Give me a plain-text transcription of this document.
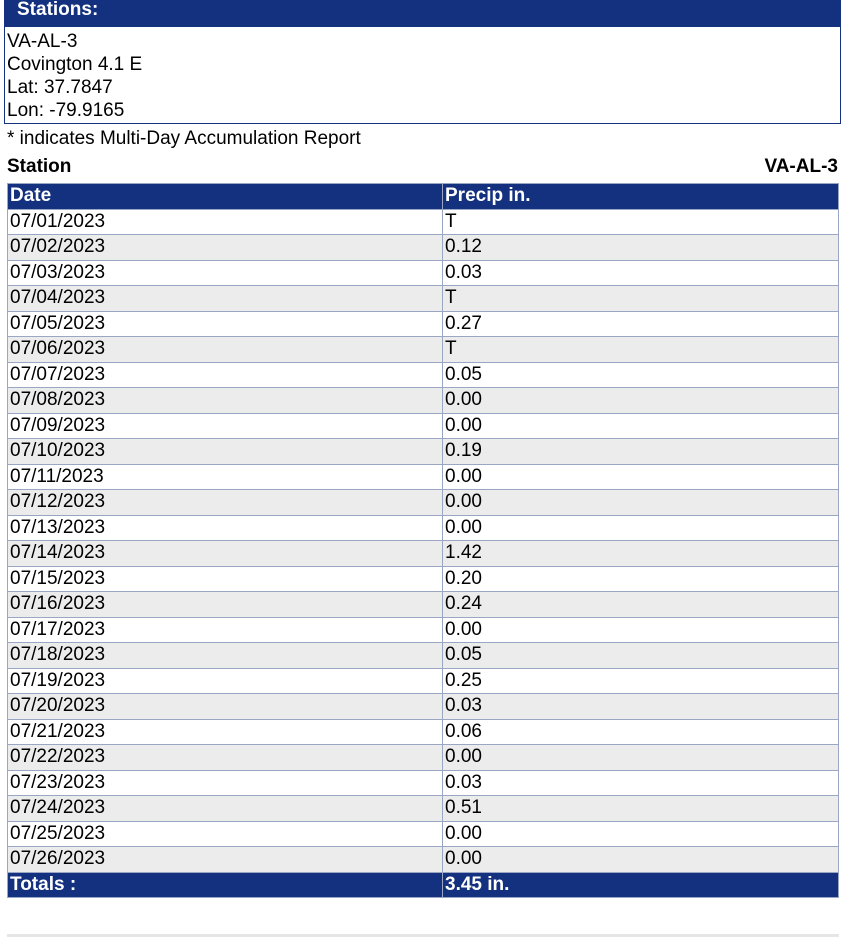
Stations:
VA-AL-3
Covington 4.1 E
Lat: 37.7847
Lon: -79.9165
* indicates Multi-Day Accumulation Report
Station	VA-AL-3
Date	Precip in.
07/01/2023	T
07/02/2023	0.12
07/03/2023	0.03
07/04/2023	T
07/05/2023	0.27
07/06/2023	T
07/07/2023	0.05
07/08/2023	0.00
07/09/2023	0.00
07/10/2023	0.19
07/11/2023	0.00
07/12/2023	0.00
07/13/2023	0.00
07/14/2023	1.42
07/15/2023	0.20
07/16/2023	0.24
07/17/2023	0.00
07/18/2023	0.05
07/19/2023	0.25
07/20/2023	0.03
07/21/2023	0.06
07/22/2023	0.00
07/23/2023	0.03
07/24/2023	0.51
07/25/2023	0.00
07/26/2023	0.00
Totals :	3.45 in.
